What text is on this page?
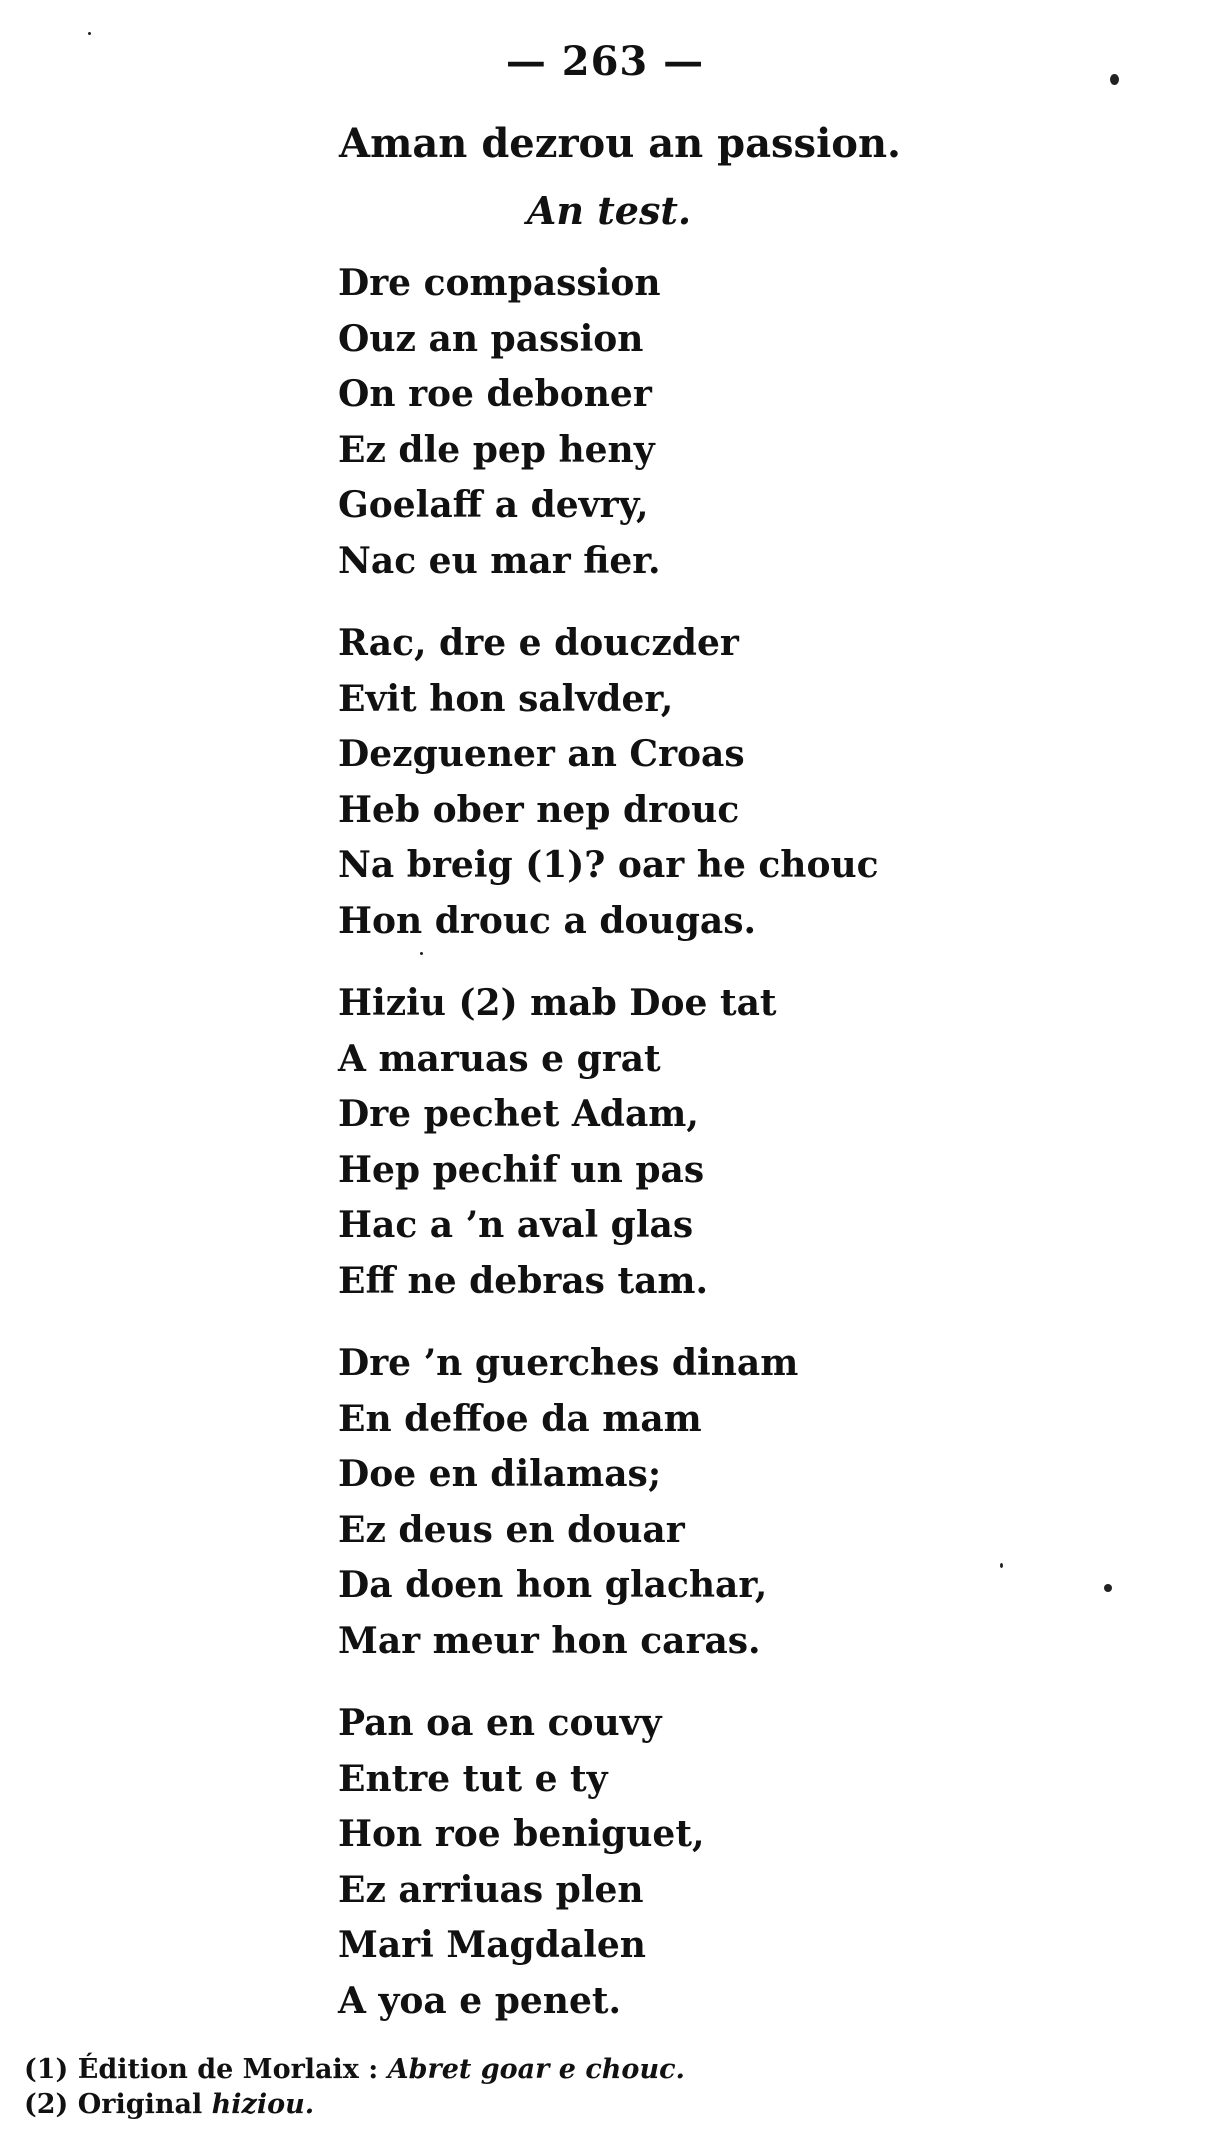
— 263 —
Aman dezrou an passion.
An test.
Dre compassion
Ouz an passion
On roe deboner
Ez dle pep heny
Goelaff a devry,
Nac eu mar fier.
Rac, dre e douczder
Evit hon salvder,
Dezguener an Croas
Heb ober nep drouc
Na breig (1)? oar he chouc
Hon drouc a dougas.
Hiziu (2) mab Doe tat
A maruas e grat
Dre pechet Adam,
Hep pechif un pas
Hac a ’n aval glas
Eff ne debras tam.
Dre ’n guerches dinam
En deffoe da mam
Doe en dilamas;
Ez deus en douar
Da doen hon glachar,
Mar meur hon caras.
Pan oa en couvy
Entre tut e ty
Hon roe beniguet,
Ez arriuas plen
Mari Magdalen
A yoa e penet.
(1) Édition de Morlaix : Abret goar e chouc.
(2) Original hiziou.
